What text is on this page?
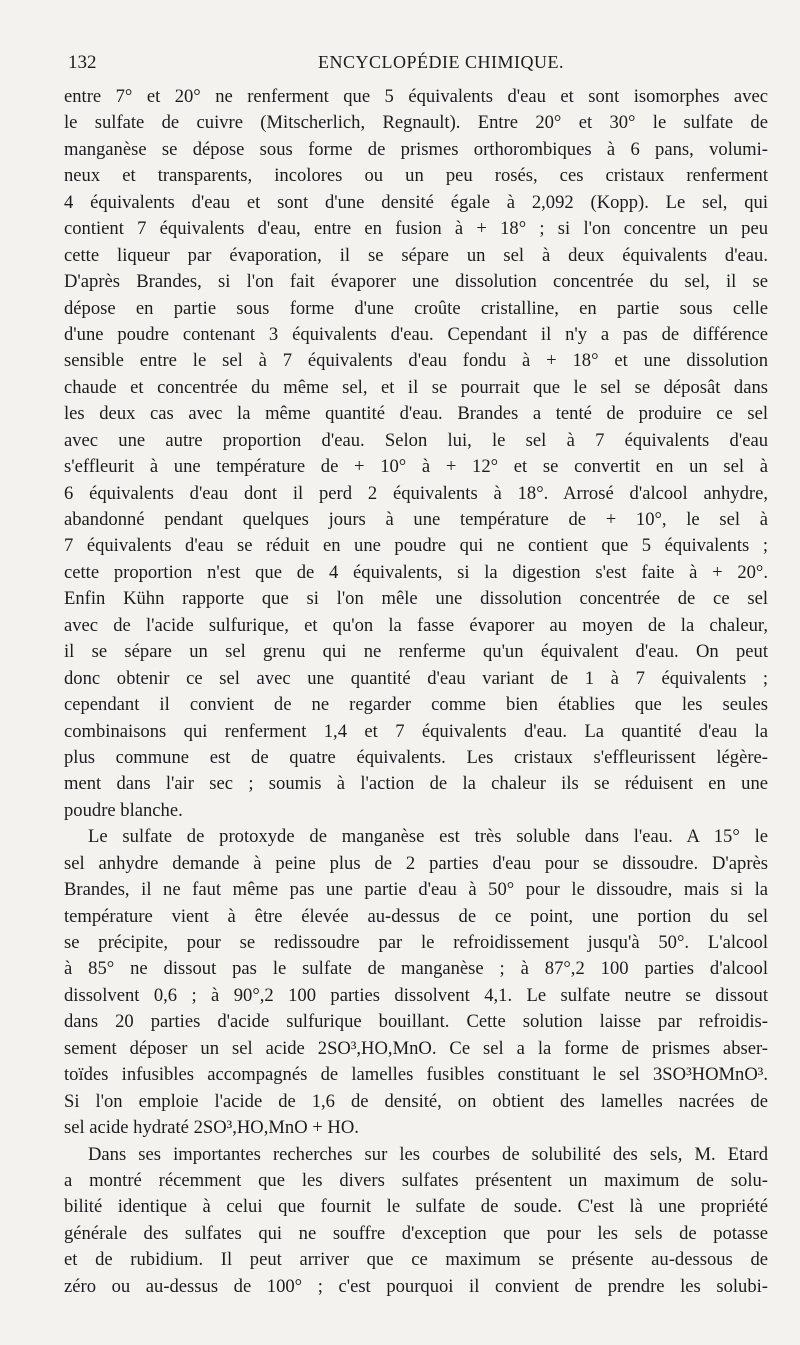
132	ENCYCLOPÉDIE CHIMIQUE.
entre 7° et 20° ne renferment que 5 équivalents d'eau et sont isomorphes avec
le sulfate de cuivre (Mitscherlich, Regnault). Entre 20° et 30° le sulfate de
manganèse se dépose sous forme de prismes orthorombiques à 6 pans, volumi-
neux et transparents, incolores ou un peu rosés, ces cristaux renferment
4 équivalents d'eau et sont d'une densité égale à 2,092 (Kopp). Le sel, qui
contient 7 équivalents d'eau, entre en fusion à + 18° ; si l'on concentre un peu
cette liqueur par évaporation, il se sépare un sel à deux équivalents d'eau.
D'après Brandes, si l'on fait évaporer une dissolution concentrée du sel, il se
dépose en partie sous forme d'une croûte cristalline, en partie sous celle
d'une poudre contenant 3 équivalents d'eau. Cependant il n'y a pas de différence
sensible entre le sel à 7 équivalents d'eau fondu à + 18° et une dissolution
chaude et concentrée du même sel, et il se pourrait que le sel se déposât dans
les deux cas avec la même quantité d'eau. Brandes a tenté de produire ce sel
avec une autre proportion d'eau. Selon lui, le sel à 7 équivalents d'eau
s'effleurit à une température de + 10° à + 12° et se convertit en un sel à
6 équivalents d'eau dont il perd 2 équivalents à 18°. Arrosé d'alcool anhydre,
abandonné pendant quelques jours à une température de + 10°, le sel à
7 équivalents d'eau se réduit en une poudre qui ne contient que 5 équivalents ;
cette proportion n'est que de 4 équivalents, si la digestion s'est faite à + 20°.
Enfin Kühn rapporte que si l'on mêle une dissolution concentrée de ce sel
avec de l'acide sulfurique, et qu'on la fasse évaporer au moyen de la chaleur,
il se sépare un sel grenu qui ne renferme qu'un équivalent d'eau. On peut
donc obtenir ce sel avec une quantité d'eau variant de 1 à 7 équivalents ;
cependant il convient de ne regarder comme bien établies que les seules
combinaisons qui renferment 1,4 et 7 équivalents d'eau. La quantité d'eau la
plus commune est de quatre équivalents. Les cristaux s'effleurissent légère-
ment dans l'air sec ; soumis à l'action de la chaleur ils se réduisent en une
poudre blanche.
Le sulfate de protoxyde de manganèse est très soluble dans l'eau. A 15° le
sel anhydre demande à peine plus de 2 parties d'eau pour se dissoudre. D'après
Brandes, il ne faut même pas une partie d'eau à 50° pour le dissoudre, mais si la
température vient à être élevée au-dessus de ce point, une portion du sel
se précipite, pour se redissoudre par le refroidissement jusqu'à 50°. L'alcool
à 85° ne dissout pas le sulfate de manganèse ; à 87°,2 100 parties d'alcool
dissolvent 0,6 ; à 90°,2 100 parties dissolvent 4,1. Le sulfate neutre se dissout
dans 20 parties d'acide sulfurique bouillant. Cette solution laisse par refroidis-
sement déposer un sel acide 2SO³,HO,MnO. Ce sel a la forme de prismes abser-
toïdes infusibles accompagnés de lamelles fusibles constituant le sel 3SO³HOMnO³.
Si l'on emploie l'acide de 1,6 de densité, on obtient des lamelles nacrées de
sel acide hydraté 2SO³,HO,MnO + HO.
Dans ses importantes recherches sur les courbes de solubilité des sels, M. Etard
a montré récemment que les divers sulfates présentent un maximum de solu-
bilité identique à celui que fournit le sulfate de soude. C'est là une propriété
générale des sulfates qui ne souffre d'exception que pour les sels de potasse
et de rubidium. Il peut arriver que ce maximum se présente au-dessous de
zéro ou au-dessus de 100° ; c'est pourquoi il convient de prendre les solubi-
